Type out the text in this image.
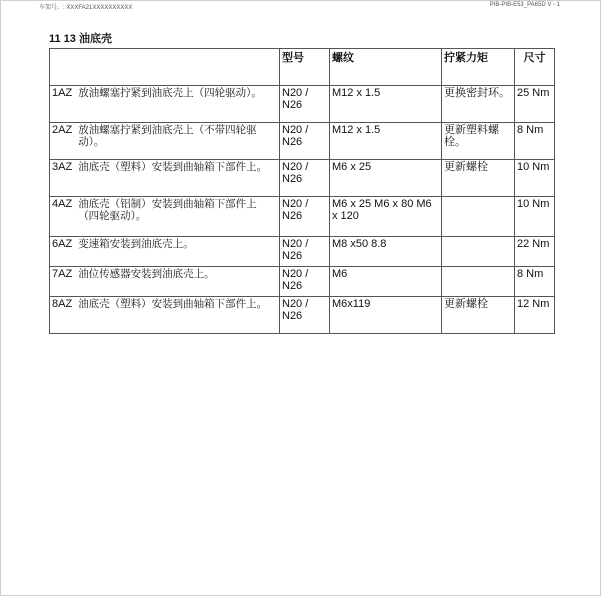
车架号。: XXXFA21XXXXXXXXXX	PIB-PIB-E53_PA65D V - 1
11 13 油底壳
	型号	螺纹	拧紧力矩	尺寸

1AZ 放油螺塞拧紧到油底壳上（四轮驱动）。	N20 / N26	M12 x 1.5	更换密封环。	25 Nm

2AZ 放油螺塞拧紧到油底壳上（不带四轮驱动）。	N20 / N26	M12 x 1.5	更新塑料螺栓。	8 Nm

3AZ 油底壳（塑料）安装到曲轴箱下部件上。	N20 / N26	M6 x 25	更新螺栓	10 Nm

4AZ 油底壳（铝制）安装到曲轴箱下部件上（四轮驱动）。	N20 / N26	M6 x 25 M6 x 80 M6 x 120		10 Nm

6AZ 变速箱安装到油底壳上。	N20 / N26	M8 x50 8.8		22 Nm

7AZ 油位传感器安装到油底壳上。	N20 / N26	M6		8 Nm

8AZ 油底壳（塑料）安装到曲轴箱下部件上。	N20 / N26	M6x119	更新螺栓	12 Nm
